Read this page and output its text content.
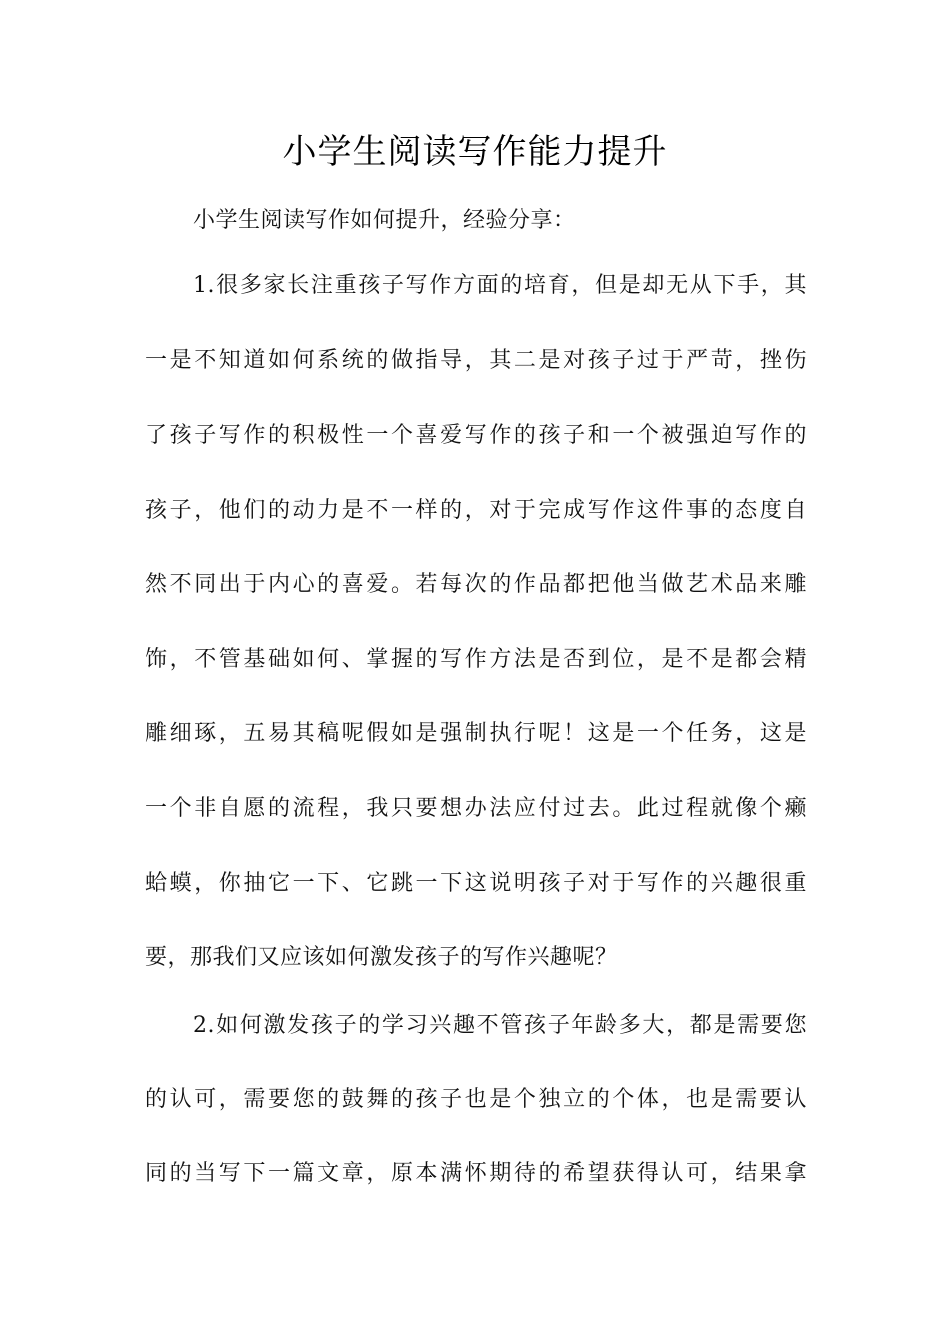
小学生阅读写作能力提升
小学生阅读写作如何提升，经验分享：
1.很多家长注重孩子写作方面的培育，但是却无从下手，其
一是不知道如何系统的做指导，其二是对孩子过于严苛，挫伤
了孩子写作的积极性一个喜爱写作的孩子和一个被强迫写作的
孩子，他们的动力是不一样的，对于完成写作这件事的态度自
然不同出于内心的喜爱。若每次的作品都把他当做艺术品来雕
饰，不管基础如何、掌握的写作方法是否到位，是不是都会精
雕细琢，五易其稿呢假如是强制执行呢！这是一个任务，这是
一个非自愿的流程，我只要想办法应付过去。此过程就像个癞
蛤蟆，你抽它一下、它跳一下这说明孩子对于写作的兴趣很重
要，那我们又应该如何激发孩子的写作兴趣呢？
2.如何激发孩子的学习兴趣不管孩子年龄多大，都是需要您
的认可，需要您的鼓舞的孩子也是个独立的个体，也是需要认
同的当写下一篇文章，原本满怀期待的希望获得认可，结果拿
